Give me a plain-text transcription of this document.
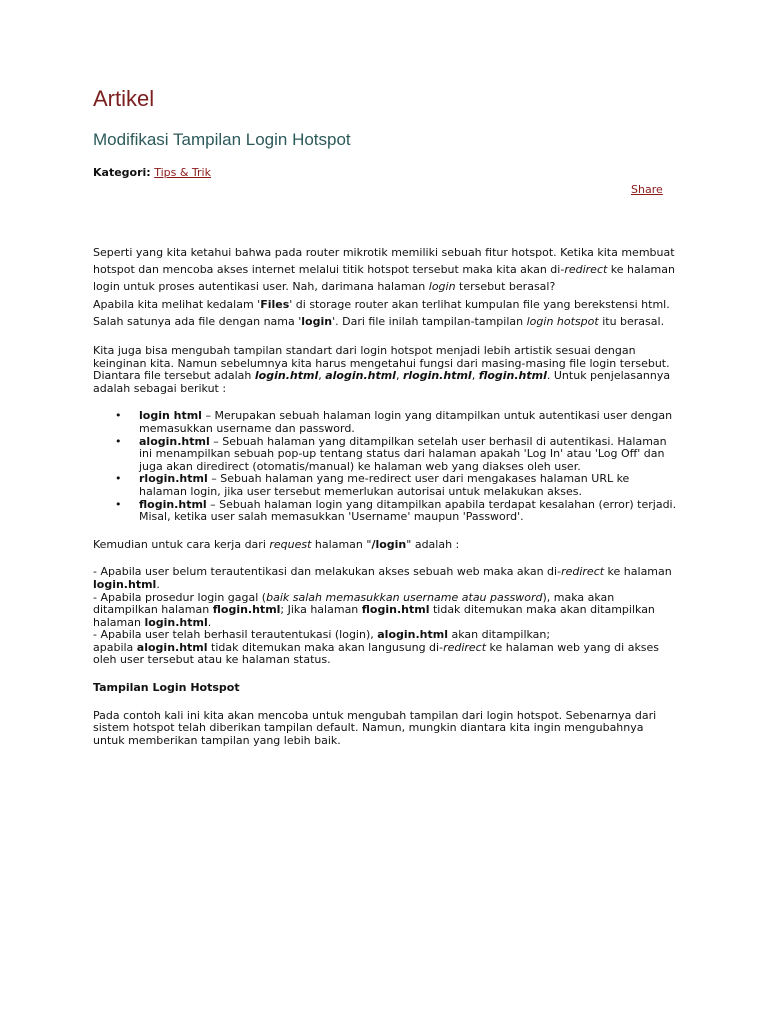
Artikel
Modifikasi Tampilan Login Hotspot
Kategori: Tips & Trik
Share

Seperti yang kita ketahui bahwa pada router mikrotik memiliki sebuah fitur hotspot. Ketika kita membuat hotspot dan mencoba akses internet melalui titik hotspot tersebut maka kita akan di-redirect ke halaman login untuk proses autentikasi user. Nah, darimana halaman login tersebut berasal?

Apabila kita melihat kedalam 'Files' di storage router akan terlihat kumpulan file yang berekstensi html. Salah satunya ada file dengan nama 'login'. Dari file inilah tampilan-tampilan login hotspot itu berasal.

Kita juga bisa mengubah tampilan standart dari login hotspot menjadi lebih artistik sesuai dengan keinginan kita. Namun sebelumnya kita harus mengetahui fungsi dari masing-masing file login tersebut. Diantara file tersebut adalah login.html, alogin.html, rlogin.html, flogin.html. Untuk penjelasannya adalah sebagai berikut :

• login html – Merupakan sebuah halaman login yang ditampilkan untuk autentikasi user dengan memasukkan username dan password.
• alogin.html – Sebuah halaman yang ditampilkan setelah user berhasil di autentikasi. Halaman ini menampilkan sebuah pop-up tentang status dari halaman apakah 'Log In' atau 'Log Off' dan juga akan diredirect (otomatis/manual) ke halaman web yang diakses oleh user.
• rlogin.html – Sebuah halaman yang me-redirect user dari mengakases halaman URL ke halaman login, jika user tersebut memerlukan autorisai untuk melakukan akses.
• flogin.html – Sebuah halaman login yang ditampilkan apabila terdapat kesalahan (error) terjadi. Misal, ketika user salah memasukkan 'Username' maupun 'Password'.

Kemudian untuk cara kerja dari request halaman "/login" adalah :

- Apabila user belum terautentikasi dan melakukan akses sebuah web maka akan di-redirect ke halaman login.html.
- Apabila prosedur login gagal (baik salah memasukkan username atau password), maka akan ditampilkan halaman flogin.html; Jika halaman flogin.html tidak ditemukan maka akan ditampilkan halaman login.html.
- Apabila user telah berhasil terautentukasi (login), alogin.html akan ditampilkan;
apabila alogin.html tidak ditemukan maka akan langusung di-redirect ke halaman web yang di akses oleh user tersebut atau ke halaman status.

Tampilan Login Hotspot

Pada contoh kali ini kita akan mencoba untuk mengubah tampilan dari login hotspot. Sebenarnya dari sistem hotspot telah diberikan tampilan default. Namun, mungkin diantara kita ingin mengubahnya untuk memberikan tampilan yang lebih baik.
